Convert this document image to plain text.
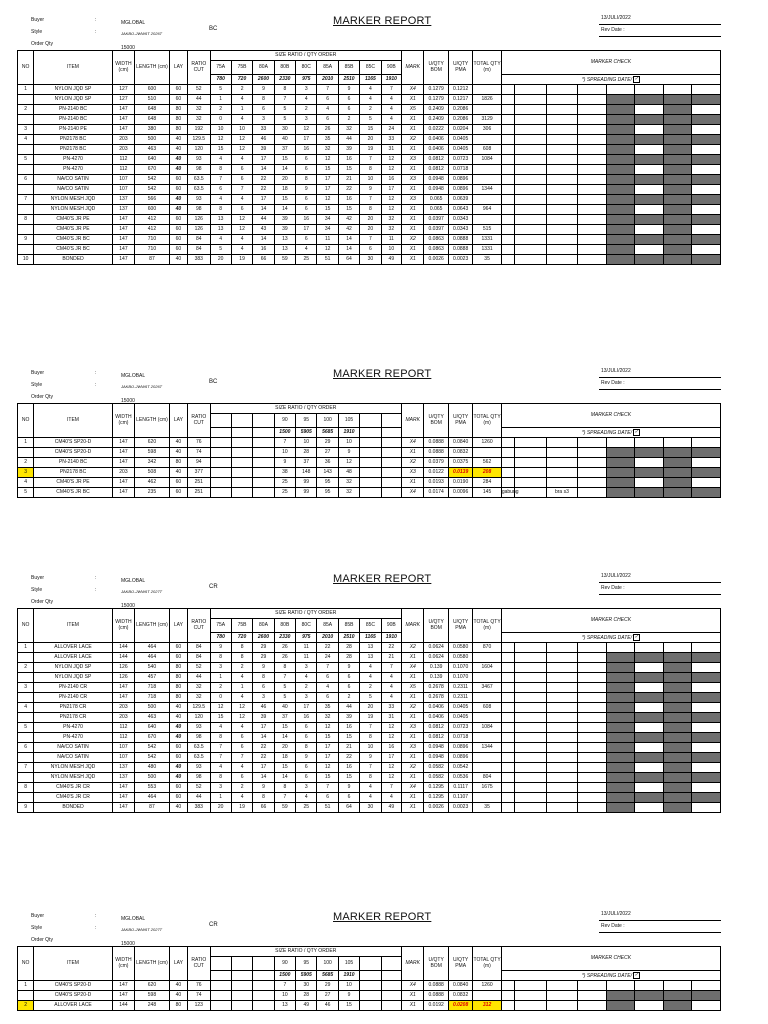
Buyer	:	MGLOBAL
Style	:	JAKBO-JWW6T 2026T
BC
Order Qty
15000
MARKER REPORT	13/JULI/2022
Rev Date :
NO	ITEM	WIDTH (cm)	LENGTH (cm)	LAY	RATIO CUT	SIZE RATIO / QTY ORDER									MARK	U/QTY BOM	U/QTY PMA	TOTAL QTY (m)	MARKER CHECK							
						75A	75B	80A	80B	80C	85A	85B	85C	90B												
						780	720	2600	2330	975	2010	2510	1165	1910					*) SPREADING DATE/ ✓							
1	NYLON JQD SP	127	600	60	52	5	2	9	8	3	7	9	4	7	X4	0.1279	0.1212									
	NYLON JQD SP	127	510	60	44	1	4	8	7	4	6	6	4	4	X1	0.1279	0.1217	1826								
2	PN-2140 BC	147	648	80	32	2	1	6	5	2	4	6	2	4	X5	0.2409	0.2086									
	PN-2140 BC	147	648	80	32	0	4	3	5	3	6	2	5	4	X1	0.2409	0.2086	3129								
3	PN-2140 PE	147	380	80	192	10	10	33	30	12	26	32	15	24	X1	0.0222	0.0204	306								
4	PN2178 BC	203	500	40	129.5	12	12	46	40	17	35	44	20	33	X2	0.0406	0.0405									
	PN2178 BC	203	463	40	120	15	12	39	37	16	32	39	19	31	X1	0.0406	0.0405	608								
5	PN-4270	112	640	40	93	4	4	17	15	6	12	16	7	12	X3	0.0812	0.0723	1084								
	PN-4270	112	670	40	98	8	6	14	14	6	15	15	8	12	X1	0.0812	0.0718									
6	NA/CO SATIN	107	542	60	63.5	7	6	22	20	8	17	21	10	16	X3	0.0948	0.0896									
	NA/CO SATIN	107	542	60	63.5	6	7	22	18	9	17	22	9	17	X1	0.0948	0.0896	1344								
7	NYLON MESH JQD	137	566	40	93	4	4	17	15	6	12	16	7	12	X3	0.065	0.0639									
	NYLON MESH JQD	137	600	40	98	8	6	14	14	6	15	15	8	12	X1	0.065	0.0643	964								
8	CM40'S JR PE	147	412	60	126	13	12	44	39	16	34	42	20	32	X1	0.0397	0.0343									
	CM40'S JR PE	147	412	60	126	13	12	43	39	17	34	42	20	32	X1	0.0397	0.0343	515								
9	CM40'S JR BC	147	710	60	84	4	4	14	13	6	11	14	7	11	X2	0.0863	0.0888	1331								
	CM40'S JR BC	147	710	60	84	5	4	16	13	4	12	14	6	10	X1	0.0863	0.0888	1331								
10	BONDED	147	87	40	383	20	19	66	59	25	51	64	30	49	X1	0.0026	0.0023	35								
Buyer	:	MGLOBAL
Style	:	JAKBO-JWW6T 2026T
BC
Order Qty
15000
MARKER REPORT	13/JULI/2022
Rev Date :
NO	ITEM	WIDTH (cm)	LENGTH (cm)	LAY	RATIO CUT	SIZE RATIO / QTY ORDER									MARK	U/QTY BOM	U/QTY PMA	TOTAL QTY (m)	MARKER CHECK							
									90	95	100	105														
									1500	5905	5685	1910							*) SPREADING DATE/ ✓							
1	CM40'S SP20-D	147	620	40	76				7	10	29	10			X4	0.0888	0.0840	1260								
	CM40'S SP20-D	147	598	40	74				10	28	27	9			X1	0.0888	0.0832									
2	PN-2140 BC	147	342	80	94				9	37	36	12			X2	0.0379	0.0375	562								
3	PN2178 BC	203	508	40	377				38	148	143	48			X3	0.0122	0.0139	208								
4	CM40'S JR PE	147	462	60	251				25	99	95	32			X1	0.0193	0.0190	284								
5	CM40'S JR BC	147	235	60	251				25	99	95	32			X4	0.0174	0.0096	145	gabung		bra s3					
Buyer	:	MGLOBAL
Style	:	JAKBO-JWW6T 2027T
CR
Order Qty
15000
MARKER REPORT	13/JULI/2022
Rev Date :
NO	ITEM	WIDTH (cm)	LENGTH (cm)	LAY	RATIO CUT	SIZE RATIO / QTY ORDER									MARK	U/QTY BOM	U/QTY PMA	TOTAL QTY (m)	MARKER CHECK							
						75A	75B	80A	80B	80C	85A	85B	85C	90B												
						780	720	2600	2330	975	2010	2510	1165	1910					*) SPREADING DATE/ ✓							
1	ALLOVER LACE	144	464	60	84	9	8	29	26	11	22	28	13	22	X2	0.0624	0.0580	870								
	ALLOVER LACE	144	464	60	84	8	8	29	26	11	24	28	13	21	X1	0.0624	0.0580									
2	NYLON JQD SP	126	540	80	52	3	2	9	8	3	7	9	4	7	X4	0.139	0.1070	1604								
	NYLON JQD SP	126	457	80	44	1	4	8	7	4	6	6	4	4	X1	0.139	0.1070									
3	PN-2140 CR	147	718	80	32	2	1	6	5	2	4	6	2	4	X5	0.2678	0.2311	3467								
	PN-2140 CR	147	718	80	32	0	4	3	5	3	6	2	5	4	X1	0.2678	0.2311									
4	PN2178 CR	203	500	40	129.5	12	12	46	40	17	35	44	20	33	X2	0.0406	0.0405	608								
	PN2178 CR	203	463	40	120	15	12	39	37	16	32	39	19	31	X1	0.0406	0.0405									
5	PN-4270	112	640	40	93	4	4	17	15	6	12	16	7	12	X3	0.0812	0.0723	1084								
	PN-4270	112	670	40	98	8	6	14	14	6	15	15	8	12	X1	0.0812	0.0718									
6	NA/CO SATIN	107	542	60	63.5	7	6	22	20	8	17	21	10	16	X3	0.0948	0.0896	1344								
	NA/CO SATIN	107	542	60	63.5	7	7	22	18	9	17	22	9	17	X1	0.0948	0.0896									
7	NYLON MESH JQD	137	480	40	93	4	4	17	15	6	12	16	7	12	X2	0.0582	0.0542									
	NYLON MESH JQD	137	500	40	98	8	6	14	14	6	15	15	8	12	X1	0.0582	0.0536	804								
8	CM40'S JR CR	147	553	60	52	3	2	9	8	3	7	9	4	7	X4	0.1295	0.1117	1675								
	CM40'S JR CR	147	464	60	44	1	4	8	7	4	6	6	4	4	X1	0.1295	0.1107									
9	BONDED	147	87	40	383	20	19	66	59	25	51	64	30	49	X1	0.0026	0.0023	35								
Buyer	:	MGLOBAL
Style	:	JAKBO-JWW6T 2027T
CR
Order Qty
15000
MARKER REPORT	13/JULI/2022
Rev Date :
NO	ITEM	WIDTH (cm)	LENGTH (cm)	LAY	RATIO CUT	SIZE RATIO / QTY ORDER									MARK	U/QTY BOM	U/QTY PMA	TOTAL QTY (m)	MARKER CHECK							
									90	95	100	105														
									1500	5905	5685	1910							*) SPREADING DATE/ ✓							
1	CM40'S SP20-D	147	620	40	76				7	30	29	10			X4	0.0888	0.0840	1260								
	CM40'S SP20-D	147	598	40	74				10	28	27	9			X1	0.0888	0.0832									
2	ALLOVER LACE	144	248	80	123				13	49	46	15			X1	0.0192	0.0208	312								
